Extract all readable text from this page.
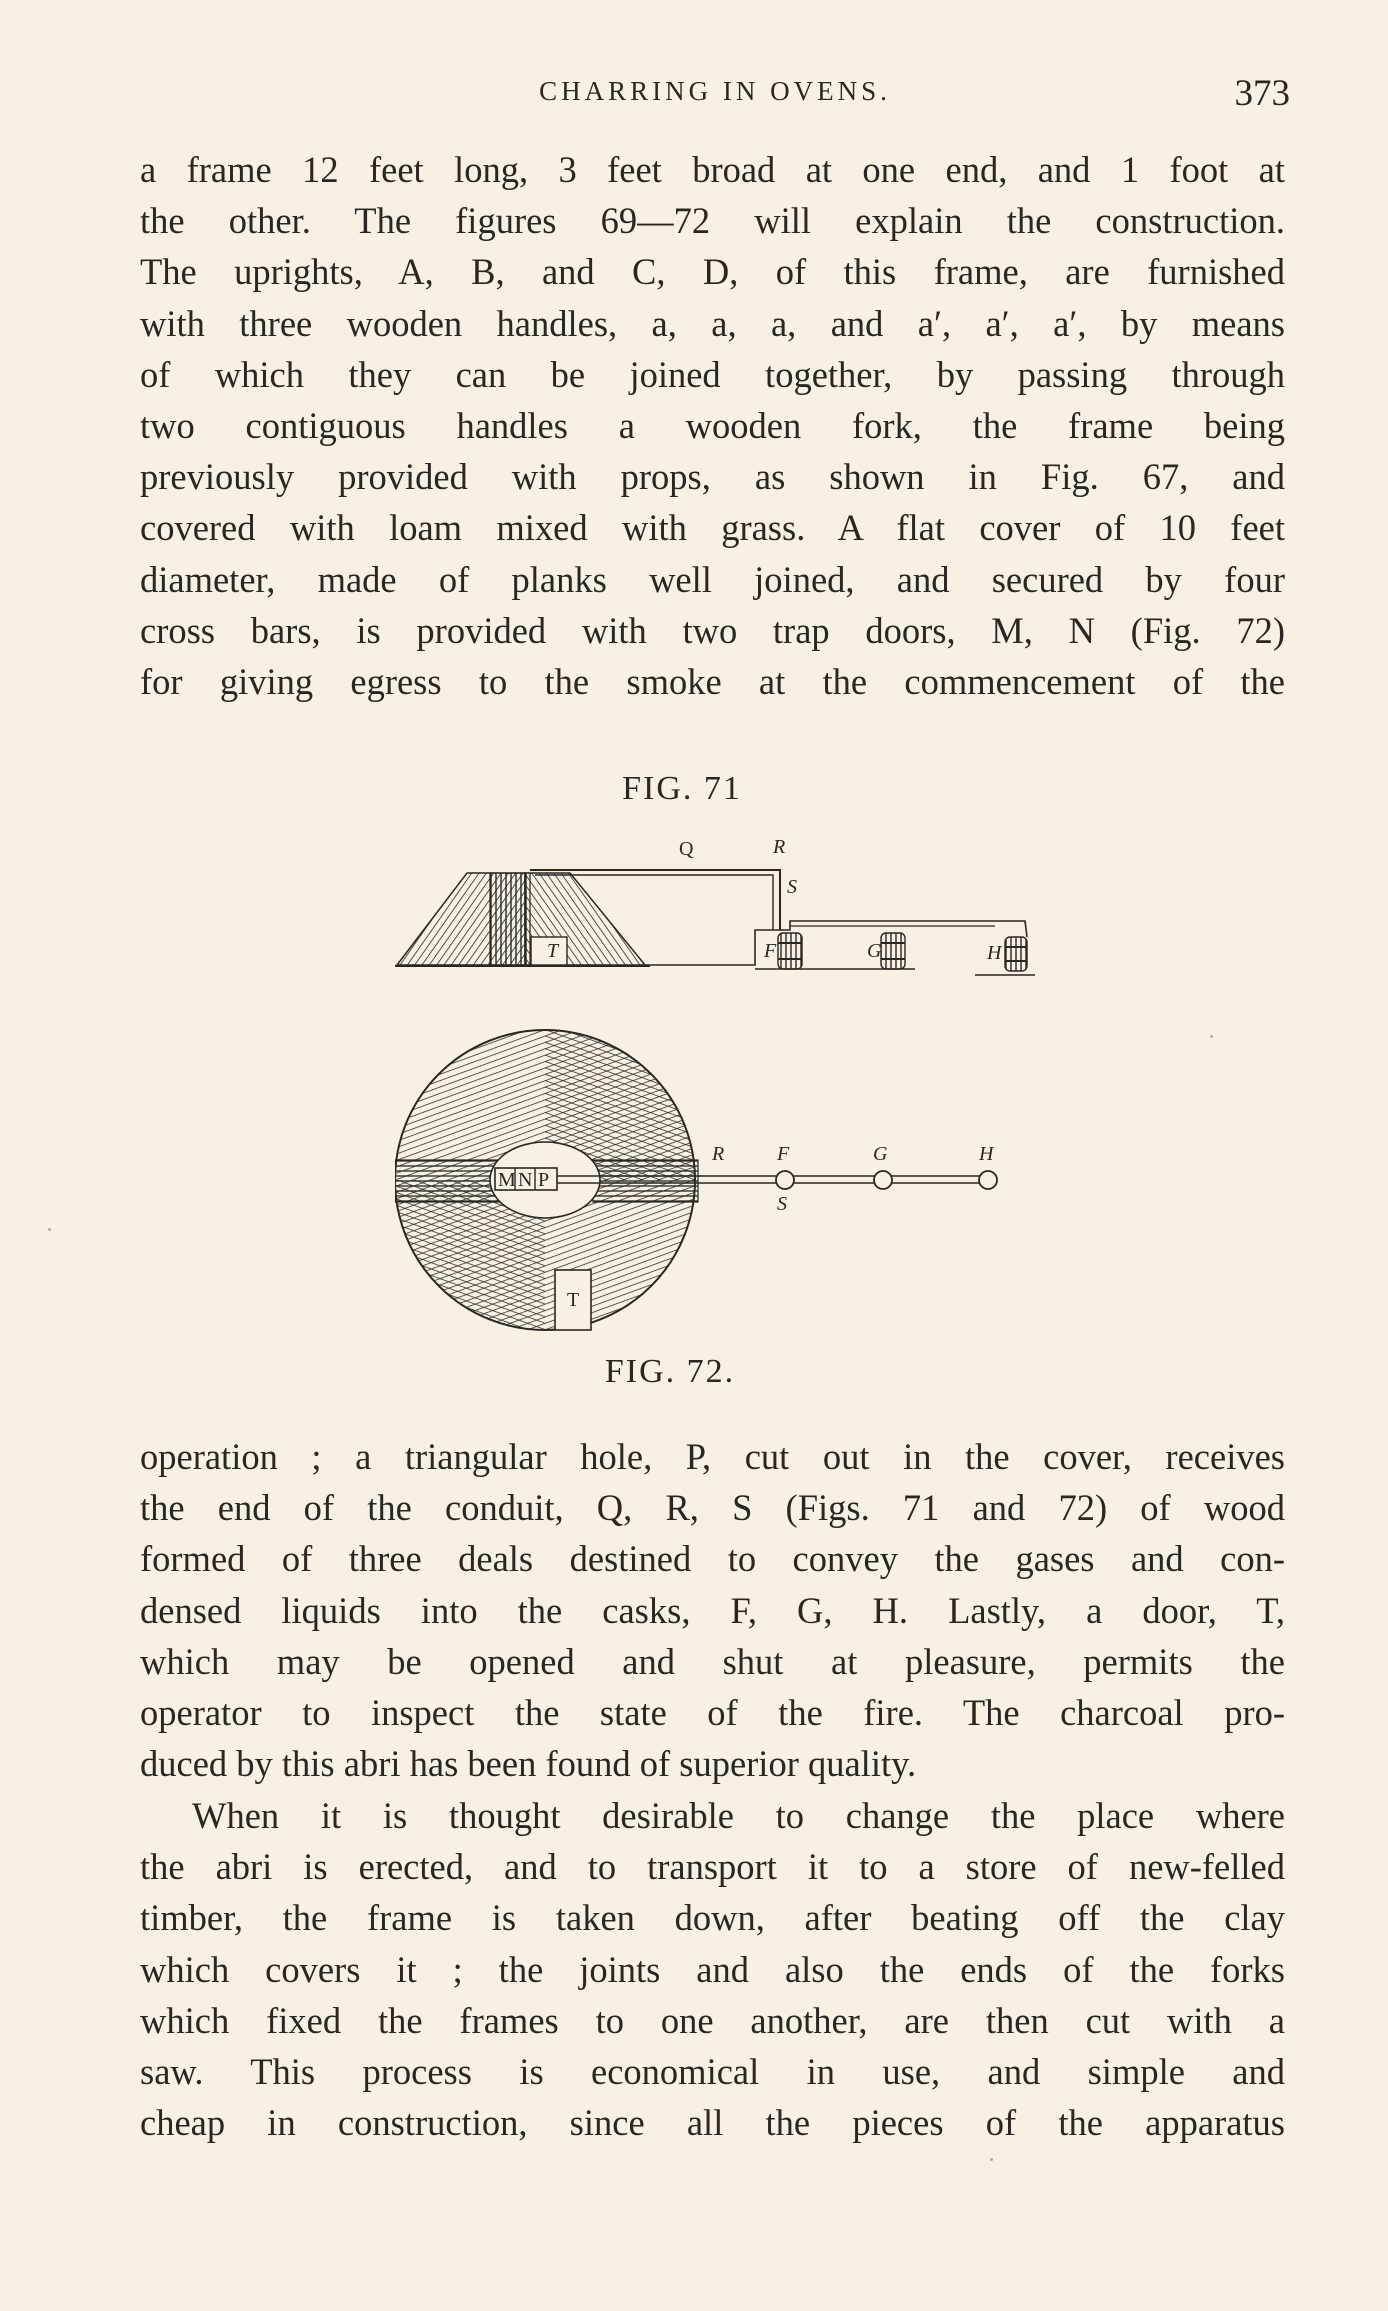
CHARRING IN OVENS.	373
a frame 12 feet long, 3 feet broad at one end, and 1 foot at
the other. The figures 69—72 will explain the construction.
The uprights, A, B, and C, D, of this frame, are furnished
with three wooden handles, a, a, a, and a′, a′, a′, by means
of which they can be joined together, by passing through
two contiguous handles a wooden fork, the frame being
previously provided with props, as shown in Fig. 67, and
covered with loam mixed with grass. A flat cover of 10 feet
diameter, made of planks well joined, and secured by four
cross bars, is provided with two trap doors, M, N (Fig. 72)
for giving egress to the smoke at the commencement of the
FIG. 71
Q	R
S
T	F	G	H
M N P
T
R	F	G	H
S
FIG. 72.
operation ; a triangular hole, P, cut out in the cover, receives
the end of the conduit, Q, R, S (Figs. 71 and 72) of wood
formed of three deals destined to convey the gases and con-
densed liquids into the casks, F, G, H. Lastly, a door, T,
which may be opened and shut at pleasure, permits the
operator to inspect the state of the fire. The charcoal pro-
duced by this abri has been found of superior quality.
When it is thought desirable to change the place where
the abri is erected, and to transport it to a store of new-felled
timber, the frame is taken down, after beating off the clay
which covers it ; the joints and also the ends of the forks
which fixed the frames to one another, are then cut with a
saw. This process is economical in use, and simple and
cheap in construction, since all the pieces of the apparatus
